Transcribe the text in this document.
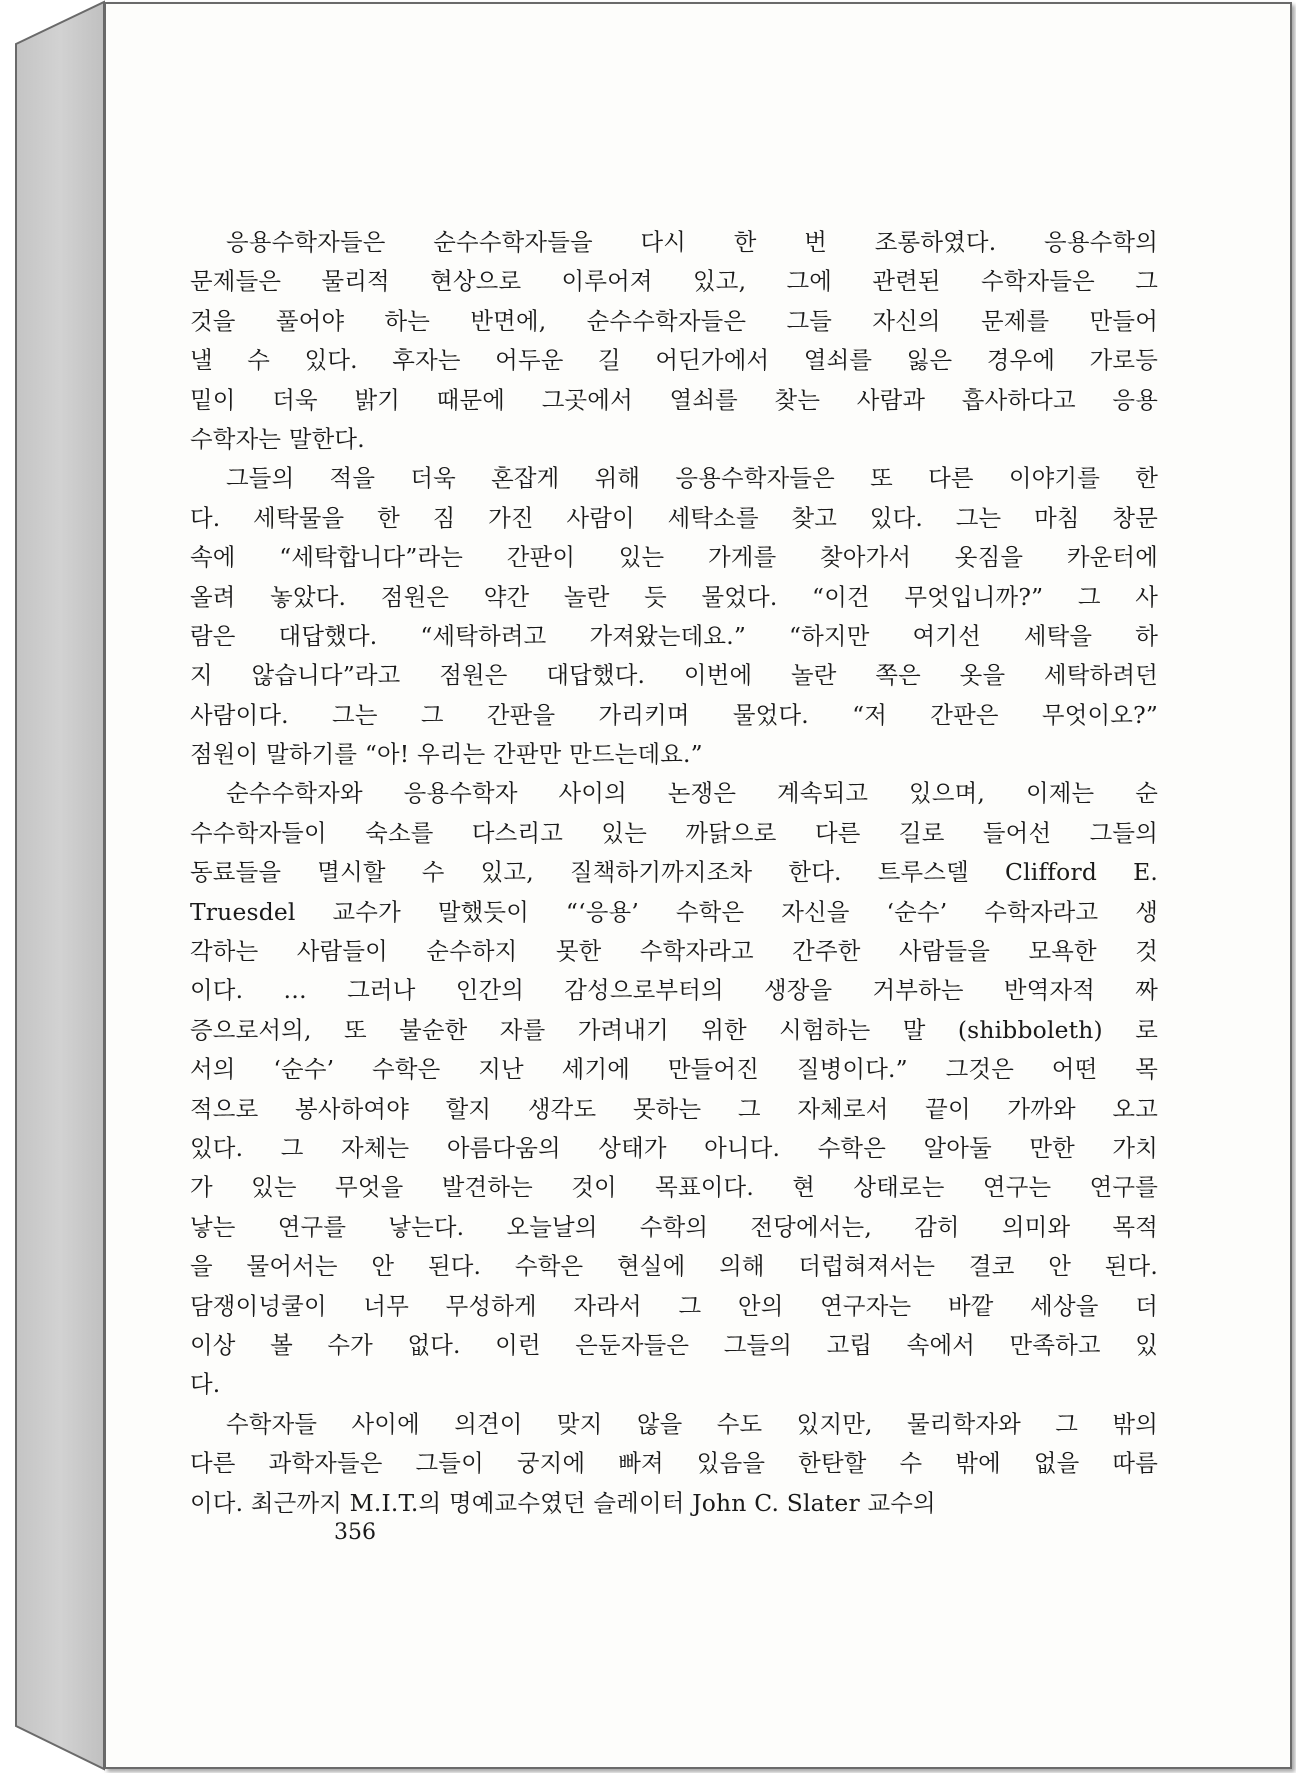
응용수학자들은 순수수학자들을 다시 한 번 조롱하였다. 응용수학의
문제들은 물리적 현상으로 이루어져 있고, 그에 관련된 수학자들은 그
것을 풀어야 하는 반면에, 순수수학자들은 그들 자신의 문제를 만들어
낼 수 있다. 후자는 어두운 길 어딘가에서 열쇠를 잃은 경우에 가로등
밑이 더욱 밝기 때문에 그곳에서 열쇠를 찾는 사람과 흡사하다고 응용
수학자는 말한다.
그들의 적을 더욱 혼잡게 위해 응용수학자들은 또 다른 이야기를 한
다. 세탁물을 한 짐 가진 사람이 세탁소를 찾고 있다. 그는 마침 창문
속에 “세탁합니다”라는 간판이 있는 가게를 찾아가서 옷짐을 카운터에
올려 놓았다. 점원은 약간 놀란 듯 물었다. “이건 무엇입니까?” 그 사
람은 대답했다. “세탁하려고 가져왔는데요.” “하지만 여기선 세탁을 하
지 않습니다”라고 점원은 대답했다. 이번에 놀란 쪽은 옷을 세탁하려던
사람이다. 그는 그 간판을 가리키며 물었다. “저 간판은 무엇이오?”
점원이 말하기를 “아! 우리는 간판만 만드는데요.”
순수수학자와 응용수학자 사이의 논쟁은 계속되고 있으며, 이제는 순
수수학자들이 숙소를 다스리고 있는 까닭으로 다른 길로 들어선 그들의
동료들을 멸시할 수 있고, 질책하기까지조차 한다. 트루스델 Clifford E.
Truesdel 교수가 말했듯이 “‘응용’ 수학은 자신을 ‘순수’ 수학자라고 생
각하는 사람들이 순수하지 못한 수학자라고 간주한 사람들을 모욕한 것
이다. … 그러나 인간의 감성으로부터의 생장을 거부하는 반역자적 짜
증으로서의, 또 불순한 자를 가려내기 위한 시험하는 말 (shibboleth) 로
서의 ‘순수’ 수학은 지난 세기에 만들어진 질병이다.” 그것은 어떤 목
적으로 봉사하여야 할지 생각도 못하는 그 자체로서 끝이 가까와 오고
있다. 그 자체는 아름다움의 상태가 아니다. 수학은 알아둘 만한 가치
가 있는 무엇을 발견하는 것이 목표이다. 현 상태로는 연구는 연구를
낳는 연구를 낳는다. 오늘날의 수학의 전당에서는, 감히 의미와 목적
을 물어서는 안 된다. 수학은 현실에 의해 더럽혀져서는 결코 안 된다.
담쟁이넝쿨이 너무 무성하게 자라서 그 안의 연구자는 바깥 세상을 더
이상 볼 수가 없다. 이런 은둔자들은 그들의 고립 속에서 만족하고 있
다.
수학자들 사이에 의견이 맞지 않을 수도 있지만, 물리학자와 그 밖의
다른 과학자들은 그들이 궁지에 빠져 있음을 한탄할 수 밖에 없을 따름
이다. 최근까지 M.I.T.의 명예교수였던 슬레이터 John C. Slater 교수의
356
